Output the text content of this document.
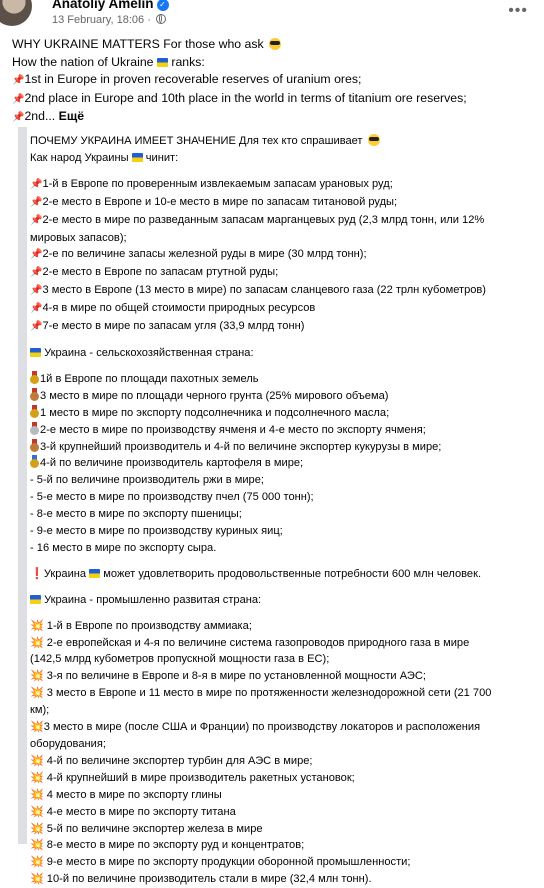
Anatoliy Amelin ✓
13 February, 18:06 ·
•••
WHY UKRAINE MATTERS For those who ask
How the nation of Ukraine ranks:
📌1st in Europe in proven recoverable reserves of uranium ores;
📌2nd place in Europe and 10th place in the world in terms of titanium ore reserves;
📌2nd... Ещё
ПОЧЕМУ УКРАИНА ИМЕЕТ ЗНАЧЕНИЕ Для тех кто спрашивает
Как народ Украины чинит:
📌1-й в Европе по проверенным извлекаемым запасам урановых руд;
📌2-е место в Европе и 10-е место в мире по запасам титановой руды;
📌2-е место в мире по разведанным запасам марганцевых руд (2,3 млрд тонн, или 12%
мировых запасов);
📌2-е по величине запасы железной руды в мире (30 млрд тонн);
📌2-е место в Европе по запасам ртутной руды;
📌3 место в Европе (13 место в мире) по запасам сланцевого газа (22 трлн кубометров)
📌4-я в мире по общей стоимости природных ресурсов
📌7-е место в мире по запасам угля (33,9 млрд тонн)
Украина - сельскохозяйственная страна:
1й в Европе по площади пахотных земель
3 место в мире по площади черного грунта (25% мирового объема)
1 место в мире по экспорту подсолнечника и подсолнечного масла;
2-е место в мире по производству ячменя и 4-е место по экспорту ячменя;
3-й крупнейший производитель и 4-й по величине экспортер кукурузы в мире;
4-й по величине производитель картофеля в мире;
- 5-й по величине производитель ржи в мире;
- 5-е место в мире по производству пчел (75 000 тонн);
- 8-е место в мире по экспорту пшеницы;
- 9-е место в мире по производству куриных яиц;
- 16 место в мире по экспорту сыра.
❗Украина может удовлетворить продовольственные потребности 600 млн человек.
Украина - промышленно развитая страна:
💥 1-й в Европе по производству аммиака;
💥 2-е европейская и 4-я по величине система газопроводов природного газа в мире
(142,5 млрд кубометров пропускной мощности газа в ЕС);
💥 3-я по величине в Европе и 8-я в мире по установленной мощности АЭС;
💥 3 место в Европе и 11 место в мире по протяженности железнодорожной сети (21 700
км);
💥3 место в мире (после США и Франции) по производству локаторов и расположения
оборудования;
💥 4-й по величине экспортер турбин для АЭС в мире;
💥 4-й крупнейший в мире производитель ракетных установок;
💥 4 место в мире по экспорту глины
💥 4-е место в мире по экспорту титана
💥 5-й по величине экспортер железа в мире
💥 8-е место в мире по экспорту руд и концентратов;
💥 9-е место в мире по экспорту продукции оборонной промышленности;
💥 10-й по величине производитель стали в мире (32,4 млн тонн).
